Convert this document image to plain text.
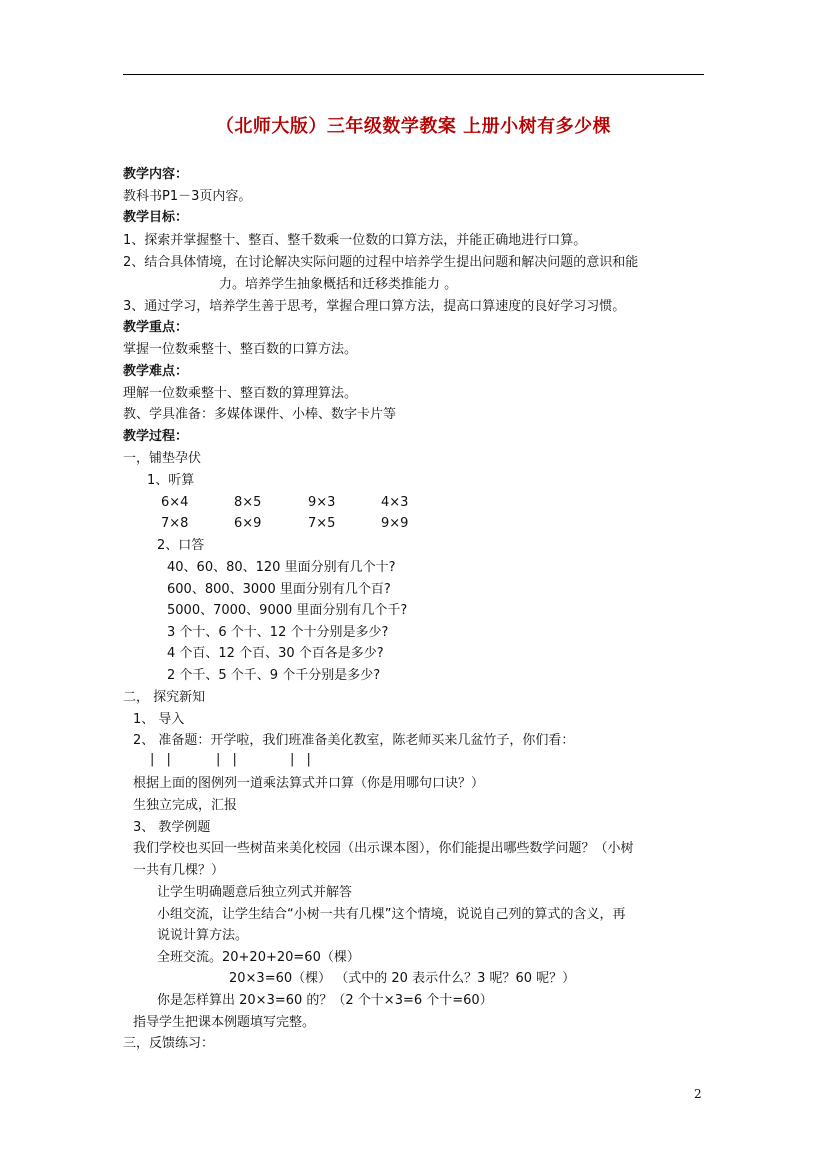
（北师大版）三年级数学教案 上册小树有多少棵
教学内容：
教科书P1－3页内容。
教学目标：
1、探索并掌握整十、整百、整千数乘一位数的口算方法，并能正确地进行口算。
2、结合具体情境，在讨论解决实际问题的过程中培养学生提出问题和解决问题的意识和能
力。培养学生抽象概括和迁移类推能力 。
3、通过学习，培养学生善于思考，掌握合理口算方法，提高口算速度的良好学习习惯。
教学重点：
掌握一位数乘整十、整百数的口算方法。
教学难点：
理解一位数乘整十、整百数的算理算法。
教、学具准备：多媒体课件、小棒、数字卡片等
教学过程：
一，铺垫孕伏
1、听算
6×4	8×5	9×3	4×3
7×8	6×9	7×5	9×9
2、口答
40、60、80、120 里面分别有几个十?
600、800、3000 里面分别有几个百?
5000、7000、9000 里面分别有几个千?
3 个十、6 个十、12 个十分别是多少?
4 个百、12 个百、30 个百各是多少?
2 个千、5 个千、9 个千分别是多少?
二， 探究新知
1、 导入
2、 准备题：开学啦，我们班准备美化教室，陈老师买来几盆竹子，你们看：
| |	| |	| |
根据上面的图例列一道乘法算式并口算（你是用哪句口诀？）
生独立完成，汇报
3、 教学例题
我们学校也买回一些树苗来美化校园（出示课本图），你们能提出哪些数学问题？（小树
一共有几棵？）
让学生明确题意后独立列式并解答
小组交流，让学生结合“小树一共有几棵”这个情境，说说自己列的算式的含义，再
说说计算方法。
全班交流。20+20+20=60（棵）
20×3=60（棵） （式中的 20 表示什么？3 呢？60 呢？）
你是怎样算出 20×3=60 的？（2 个十×3=6 个十=60）
指导学生把课本例题填写完整。
三，反馈练习：
2
